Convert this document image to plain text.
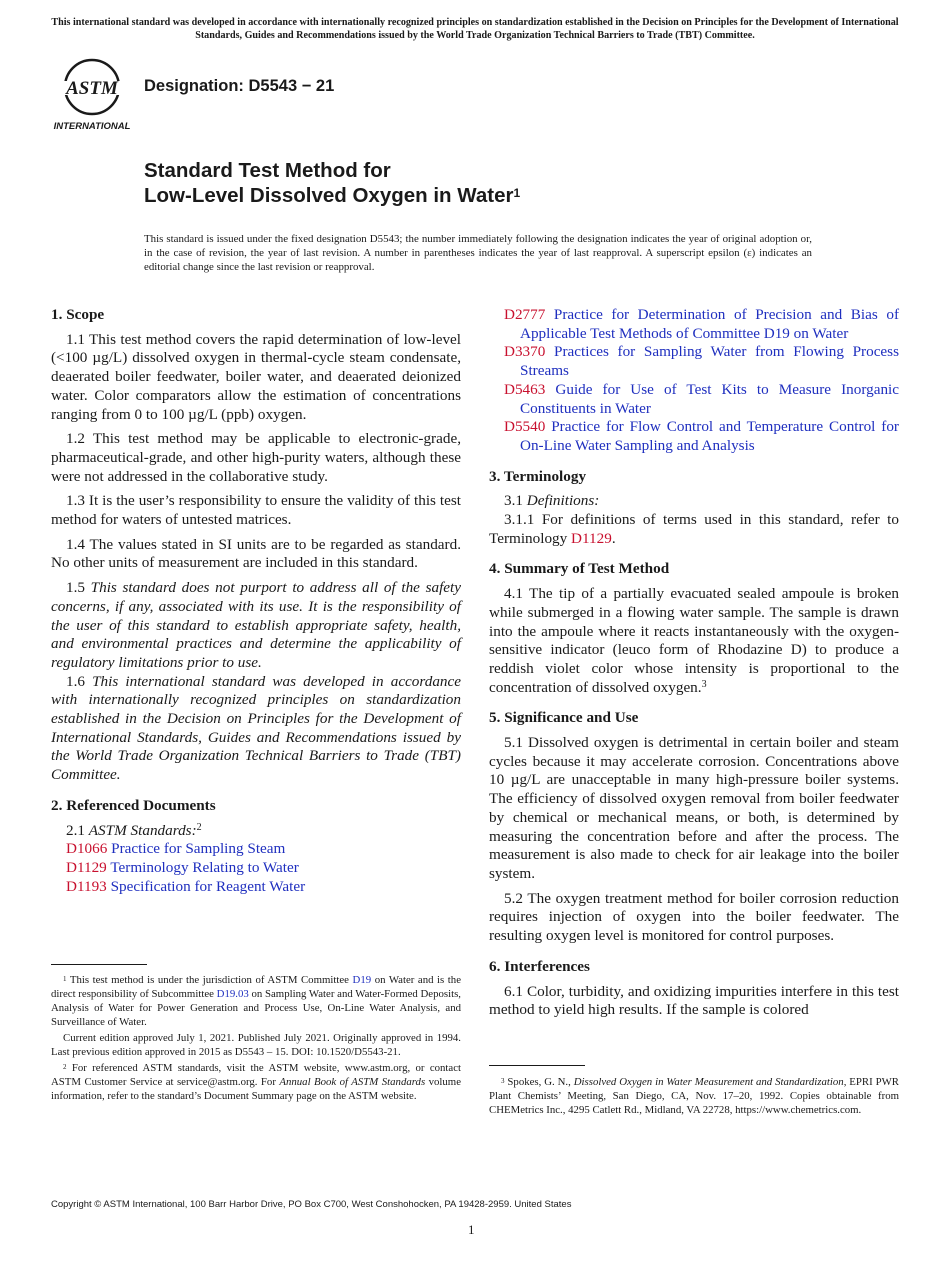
This international standard was developed in accordance with internationally recognized principles on standardization established in the Decision on Principles for the Development of International Standards, Guides and Recommendations issued by the World Trade Organization Technical Barriers to Trade (TBT) Committee.
ASTM
INTERNATIONAL
Designation: D5543 − 21
Standard Test Method for
Low-Level Dissolved Oxygen in Water$^1$
This standard is issued under the fixed designation D5543; the number immediately following the designation indicates the year of original adoption or, in the case of revision, the year of last revision. A number in parentheses indicates the year of last reapproval. A superscript epsilon (ε) indicates an editorial change since the last revision or reapproval.
1. Scope

1.1 This test method covers the rapid determination of low-level (<100 µg/L) dissolved oxygen in thermal-cycle steam condensate, deaerated boiler feedwater, boiler water, and deaerated deionized water. Color comparators allow the estimation of concentrations ranging from 0 to 100 µg/L (ppb) oxygen.

1.2 This test method may be applicable to electronic-grade, pharmaceutical-grade, and other high-purity waters, although these were not addressed in the collaborative study.

1.3 It is the user’s responsibility to ensure the validity of this test method for waters of untested matrices.

1.4 The values stated in SI units are to be regarded as standard. No other units of measurement are included in this standard.

1.5 This standard does not purport to address all of the safety concerns, if any, associated with its use. It is the responsibility of the user of this standard to establish appropriate safety, health, and environmental practices and determine the applicability of regulatory limitations prior to use.

1.6 This international standard was developed in accordance with internationally recognized principles on standardization established in the Decision on Principles for the Development of International Standards, Guides and Recommendations issued by the World Trade Organization Technical Barriers to Trade (TBT) Committee.

2. Referenced Documents
2.1 ASTM Standards:$^2$
D1066 Practice for Sampling Steam
D1129 Terminology Relating to Water
D1193 Specification for Reagent Water

$^1$ This test method is under the jurisdiction of ASTM Committee D19 on Water and is the direct responsibility of Subcommittee D19.03 on Sampling Water and Water-Formed Deposits, Analysis of Water for Power Generation and Process Use, On-Line Water Analysis, and Surveillance of Water.

Current edition approved July 1, 2021. Published July 2021. Originally approved in 1994. Last previous edition approved in 2015 as D5543 – 15. DOI: 10.1520/D5543-21.

$^2$ For referenced ASTM standards, visit the ASTM website, www.astm.org, or contact ASTM Customer Service at service@astm.org. For Annual Book of ASTM Standards volume information, refer to the standard’s Document Summary page on the ASTM website.

D2777 Practice for Determination of Precision and Bias of Applicable Test Methods of Committee D19 on Water
D3370 Practices for Sampling Water from Flowing Process Streams
D5463 Guide for Use of Test Kits to Measure Inorganic Constituents in Water
D5540 Practice for Flow Control and Temperature Control for On-Line Water Sampling and Analysis
3. Terminology

3.1 Definitions:

3.1.1 For definitions of terms used in this standard, refer to Terminology D1129.

4. Summary of Test Method

4.1 The tip of a partially evacuated sealed ampoule is broken while submerged in a flowing water sample. The sample is drawn into the ampoule where it reacts instantaneously with the oxygen-sensitive indicator (leuco form of Rhodazine D) to produce a reddish violet color whose intensity is proportional to the concentration of dissolved oxygen.$^3$

5. Significance and Use

5.1 Dissolved oxygen is detrimental in certain boiler and steam cycles because it may accelerate corrosion. Concentrations above 10 µg/L are unacceptable in many high-pressure boiler systems. The efficiency of dissolved oxygen removal from boiler feedwater by chemical or mechanical means, or both, is determined by measuring the concentration before and after the process. The measurement is also made to check for air leakage into the boiler system.

5.2 The oxygen treatment method for boiler corrosion reduction requires injection of oxygen into the boiler feedwater. The resulting oxygen level is monitored for control purposes.

6. Interferences

6.1 Color, turbidity, and oxidizing impurities interfere in this test method to yield high results. If the sample is colored

$^3$ Spokes, G. N., Dissolved Oxygen in Water Measurement and Standardization, EPRI PWR Plant Chemists’ Meeting, San Diego, CA, Nov. 17–20, 1992. Copies obtainable from CHEMetrics Inc., 4295 Catlett Rd., Midland, VA 22728, https://www.chemetrics.com.

Copyright © ASTM International, 100 Barr Harbor Drive, PO Box C700, West Conshohocken, PA 19428-2959. United States
1
